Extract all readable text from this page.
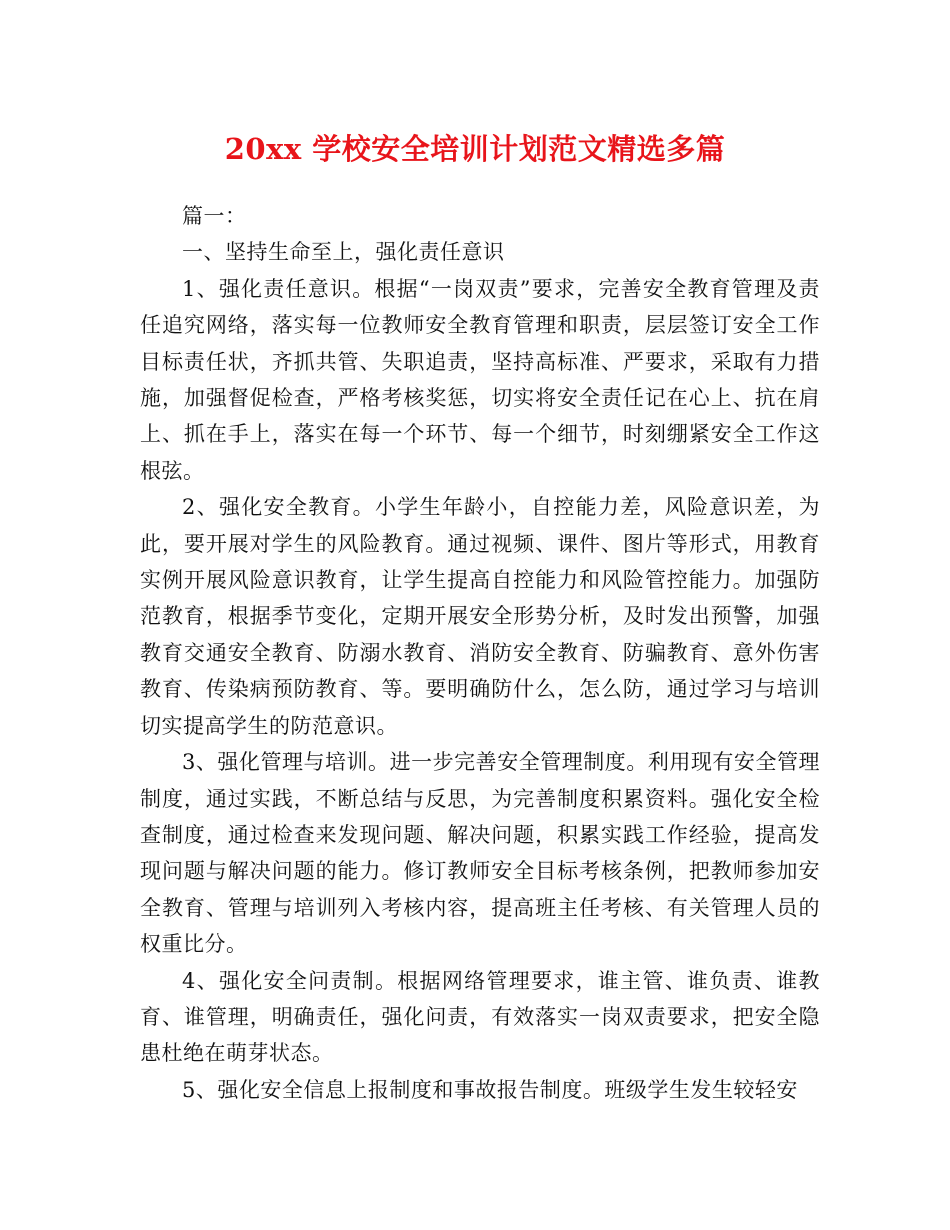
20xx 学校安全培训计划范文精选多篇

篇一：

一、坚持生命至上，强化责任意识

1、强化责任意识。根据“一岗双责”要求，完善安全教育管理及责任追究网络，落实每一位教师安全教育管理和职责，层层签订安全工作目标责任状，齐抓共管、失职追责，坚持高标准、严要求，采取有力措施，加强督促检查，严格考核奖惩，切实将安全责任记在心上、抗在肩上、抓在手上，落实在每一个环节、每一个细节，时刻绷紧安全工作这根弦。

2、强化安全教育。小学生年龄小，自控能力差，风险意识差，为此，要开展对学生的风险教育。通过视频、课件、图片等形式，用教育实例开展风险意识教育，让学生提高自控能力和风险管控能力。加强防范教育，根据季节变化，定期开展安全形势分析，及时发出预警，加强教育交通安全教育、防溺水教育、消防安全教育、防骗教育、意外伤害教育、传染病预防教育、等。要明确防什么，怎么防，通过学习与培训切实提高学生的防范意识。

3、强化管理与培训。进一步完善安全管理制度。利用现有安全管理制度，通过实践，不断总结与反思，为完善制度积累资料。强化安全检查制度，通过检查来发现问题、解决问题，积累实践工作经验，提高发现问题与解决问题的能力。修订教师安全目标考核条例，把教师参加安全教育、管理与培训列入考核内容，提高班主任考核、有关管理人员的权重比分。

4、强化安全问责制。根据网络管理要求，谁主管、谁负责、谁教育、谁管理，明确责任，强化问责，有效落实一岗双责要求，把安全隐患杜绝在萌芽状态。

5、强化安全信息上报制度和事故报告制度。班级学生发生较轻安
